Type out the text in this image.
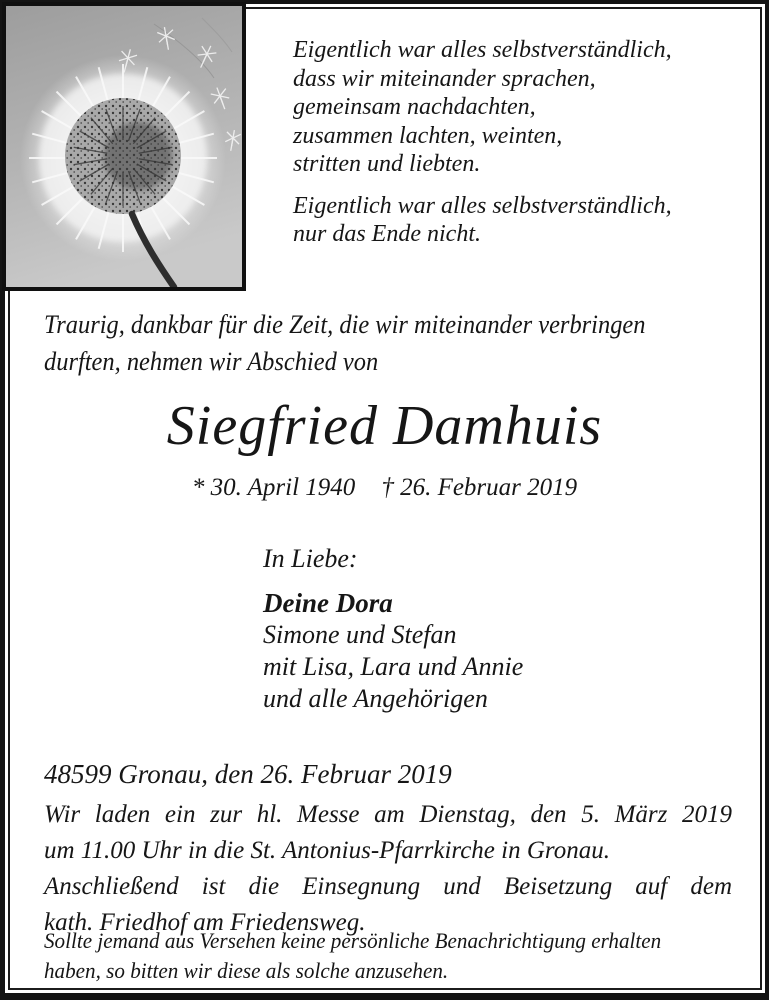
Eigentlich war alles selbstverständlich,
dass wir miteinander sprachen,
gemeinsam nachdachten,
zusammen lachten, weinten,
stritten und liebten.
Eigentlich war alles selbstverständlich,
nur das Ende nicht.
Traurig, dankbar für die Zeit, die wir miteinander verbringen
durften, nehmen wir Abschied von
Siegfried Damhuis
* 30. April 1940 † 26. Februar 2019
In Liebe:
Deine Dora
Simone und Stefan
mit Lisa, Lara und Annie
und alle Angehörigen
48599 Gronau, den 26. Februar 2019
Wir laden ein zur hl. Messe am Dienstag, den 5. März 2019
um 11.00 Uhr in die St. Antonius-Pfarrkirche in Gronau.
Anschließend ist die Einsegnung und Beisetzung auf dem
kath. Friedhof am Friedensweg.
Sollte jemand aus Versehen keine persönliche Benachrichtigung erhalten
haben, so bitten wir diese als solche anzusehen.
